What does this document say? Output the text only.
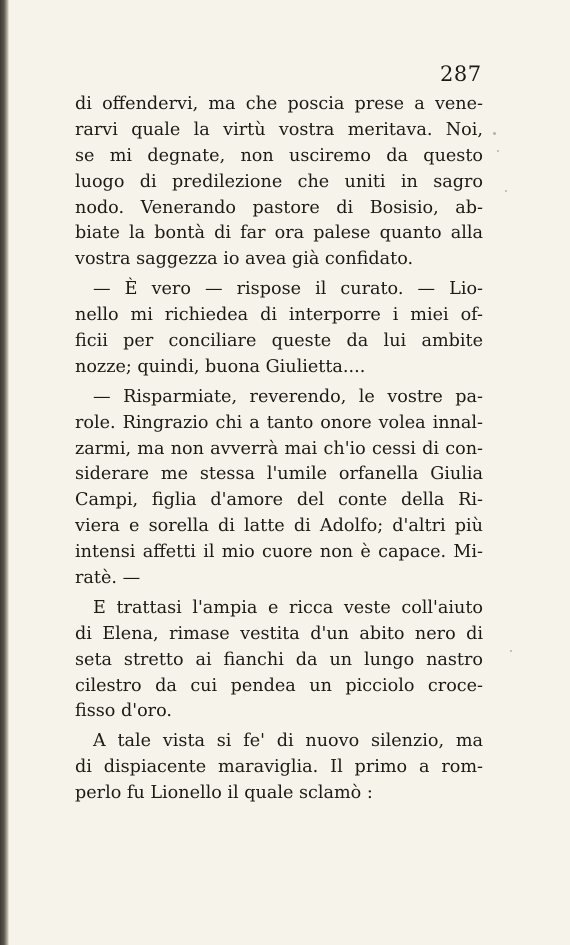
287
di offendervi, ma che poscia prese a vene-
rarvi quale la virtù vostra meritava. Noi,
se mi degnate, non usciremo da questo
luogo di predilezione che uniti in sagro
nodo. Venerando pastore di Bosisio, ab-
biate la bontà di far ora palese quanto alla
vostra saggezza io avea già confidato.
— È vero — rispose il curato. — Lio-
nello mi richiedea di interporre i miei of-
ficii per conciliare queste da lui ambite
nozze; quindi, buona Giulietta....
— Risparmiate, reverendo, le vostre pa-
role. Ringrazio chi a tanto onore volea innal-
zarmi, ma non avverrà mai ch'io cessi di con-
siderare me stessa l'umile orfanella Giulia
Campi, figlia d'amore del conte della Ri-
viera e sorella di latte di Adolfo; d'altri più
intensi affetti il mio cuore non è capace. Mi-
ratè. —
E trattasi l'ampia e ricca veste coll'aiuto
di Elena, rimase vestita d'un abito nero di
seta stretto ai fianchi da un lungo nastro
cilestro da cui pendea un picciolo croce-
fisso d'oro.
A tale vista si fe' di nuovo silenzio, ma
di dispiacente maraviglia. Il primo a rom-
perlo fu Lionello il quale sclamò :
